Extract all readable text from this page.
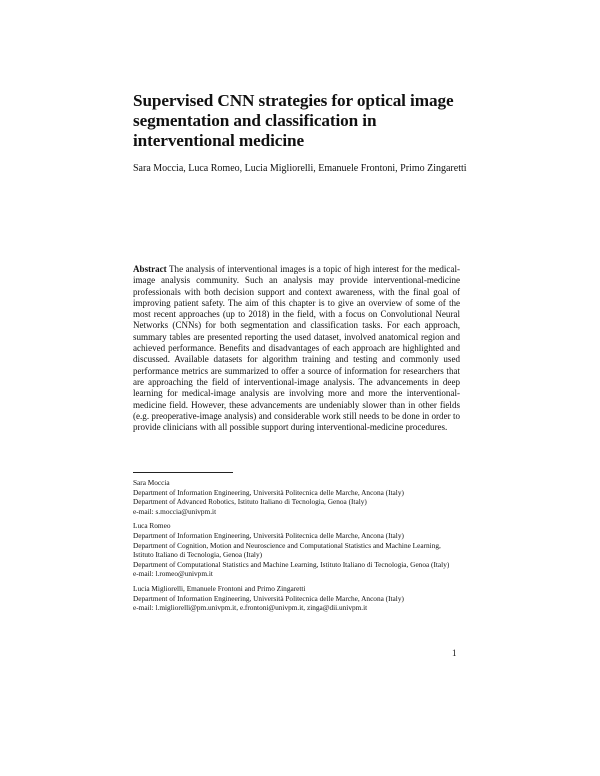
Supervised CNN strategies for optical image segmentation and classification in interventional medicine
Sara Moccia, Luca Romeo, Lucia Migliorelli, Emanuele Frontoni, Primo Zingaretti

Abstract The analysis of interventional images is a topic of high interest for the medical-image analysis community. Such an analysis may provide interventional-medicine professionals with both decision support and context awareness, with the final goal of improving patient safety. The aim of this chapter is to give an overview of some of the most recent approaches (up to 2018) in the field, with a focus on Convolutional Neural Networks (CNNs) for both segmentation and classification tasks. For each approach, summary tables are presented reporting the used dataset, involved anatomical region and achieved performance. Benefits and disadvantages of each approach are highlighted and discussed. Available datasets for algorithm training and testing and commonly used performance metrics are summarized to offer a source of information for researchers that are approaching the field of interventional-image analysis. The advancements in deep learning for medical-image analysis are involving more and more the interventional-medicine field. However, these advancements are undeniably slower than in other fields (e.g. preoperative-image analysis) and considerable work still needs to be done in order to provide clinicians with all possible support during interventional-medicine procedures.

Sara Moccia
Department of Information Engineering, Università Politecnica delle Marche, Ancona (Italy)
Department of Advanced Robotics, Istituto Italiano di Tecnologia, Genoa (Italy)
e-mail: s.moccia@univpm.it
Luca Romeo
Department of Information Engineering, Università Politecnica delle Marche, Ancona (Italy)
Department of Cognition, Motion and Neuroscience and Computational Statistics and Machine Learning, Istituto Italiano di Tecnologia, Genoa (Italy)
Department of Computational Statistics and Machine Learning, Istituto Italiano di Tecnologia, Genoa (Italy)
e-mail: l.romeo@univpm.it
Lucia Migliorelli, Emanuele Frontoni and Primo Zingaretti
Department of Information Engineering, Università Politecnica delle Marche, Ancona (Italy)
e-mail: l.migliorelli@pm.univpm.it, e.frontoni@univpm.it, zinga@dii.univpm.it
1
